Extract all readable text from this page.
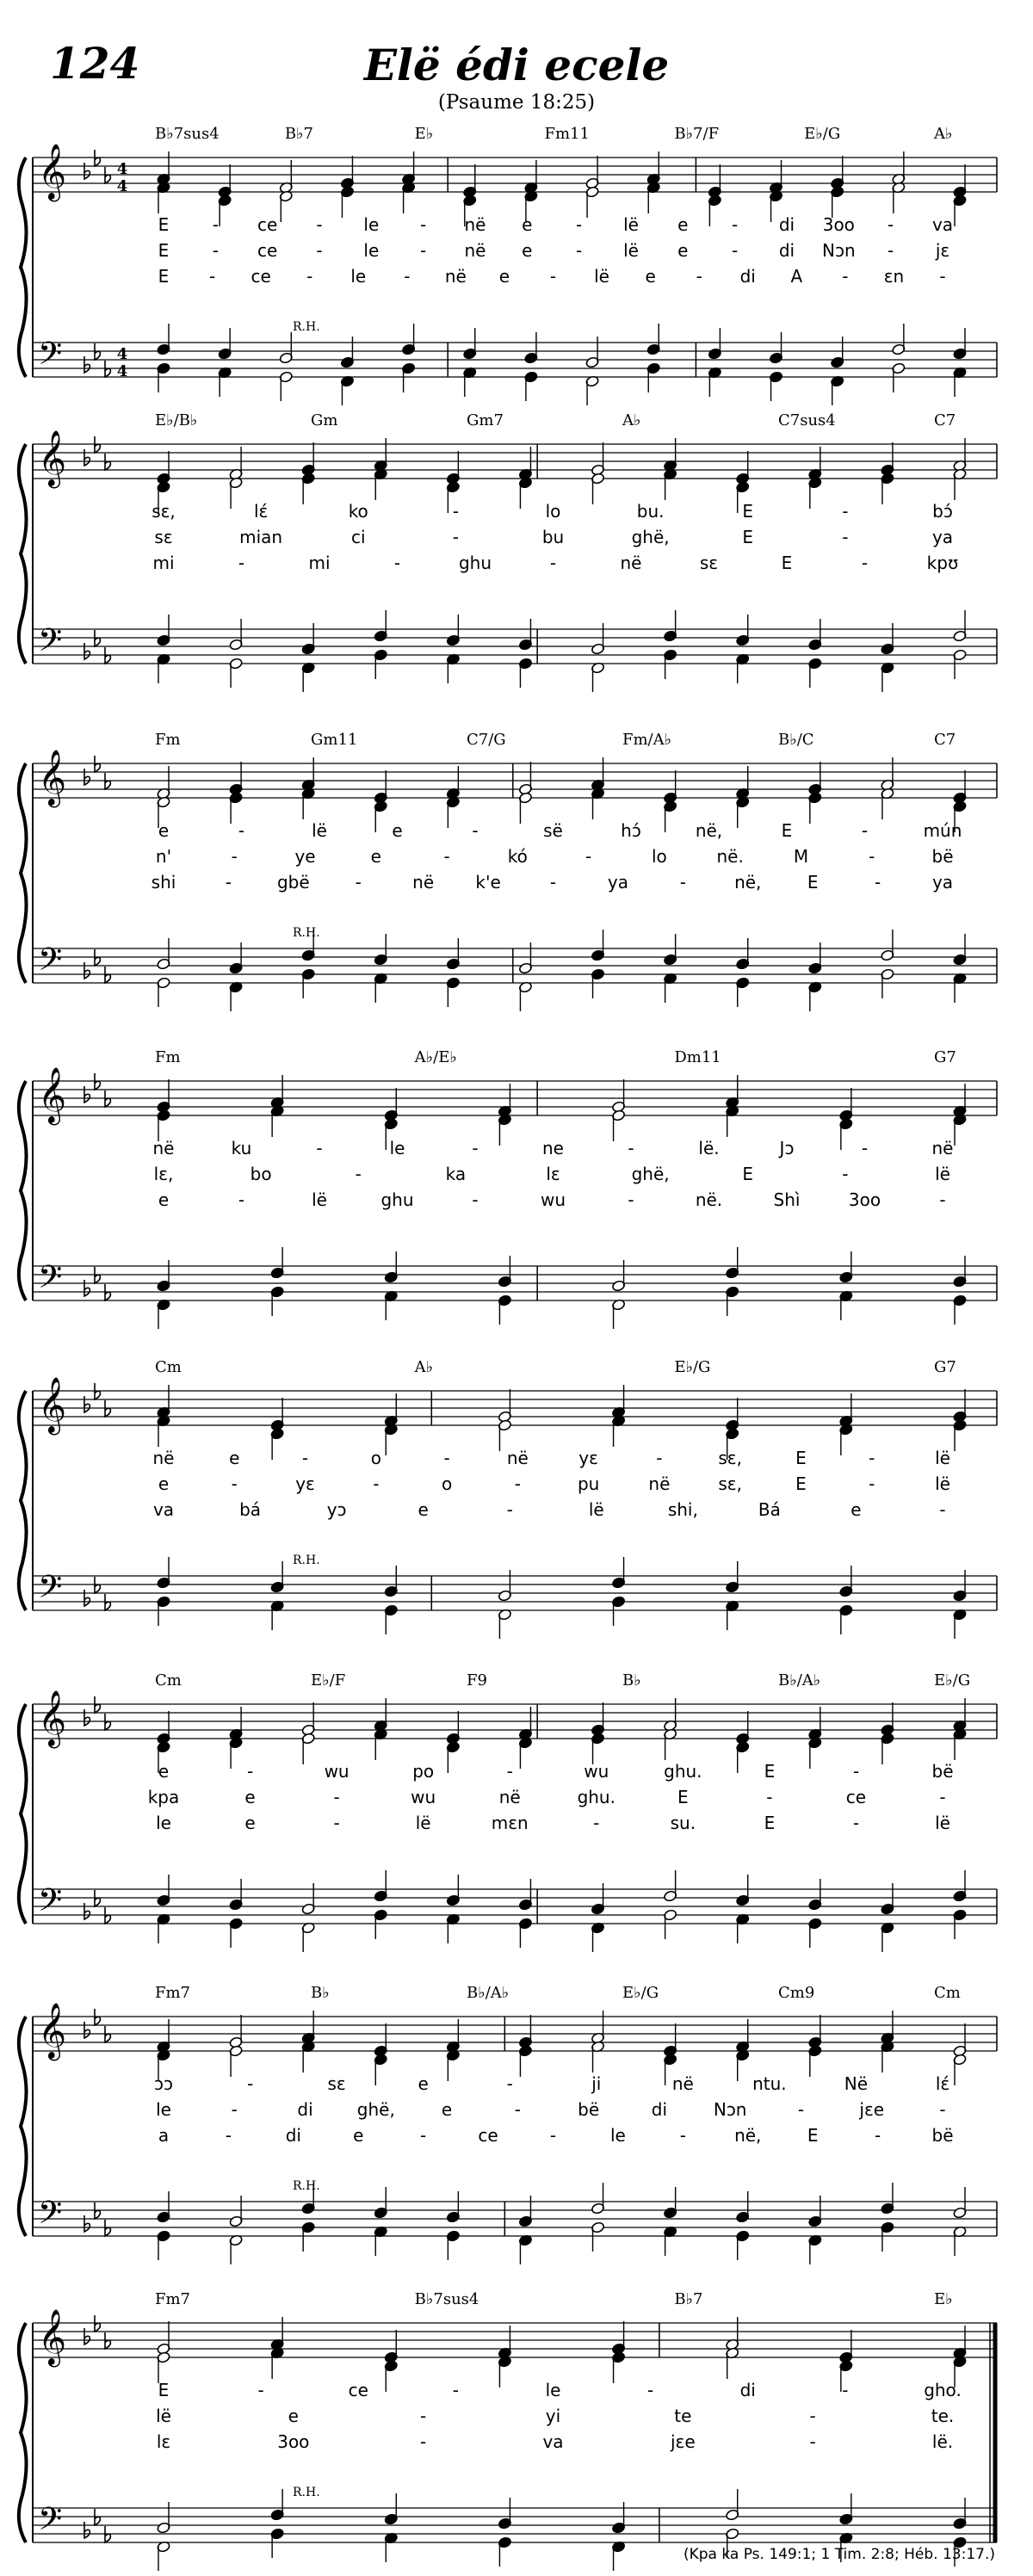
124	Elë édi ecele
(Psaume 18:25)
𝄞
𝄢
4
4
4
4
B♭7sus4	B♭7	E♭	Fm11	B♭7/F	E♭/G	A♭
R.H.
E	- ce - le - në e	- lë e	- di 3oo - va
E	- ce - le - në e	- lë e	- di Nɔn - jɛ
E - ce - le - në e - lë e - di A - ɛn -
𝄞
𝄢
E♭/B♭	Gm	Gm7	A♭	C7sus4	C7
sɛ,	lɛ́	ko	-	lo	bu.	E	-	bɔ́
sɛ	mian	ci	-	bu	ghë,	E	-	ya
mi	-	mi	-	ghu	-	në	sɛ	E	-	kpʊ
𝄞
𝄢
Fm	Gm11	C7/G	Fm/A♭	B♭/C	C7
R.H.
e	-	lë	e	-	së	hɔ́	në,	E	-	mún
n'	-	ye	e	-	kó	-	lo	në.	M	-	bë
shi	-	gbë	-	në k'e	-	ya	-	në,	E	-	ya
𝄞
𝄢
Fm	A♭/E♭	Dm11	G7
në	ku	-	le	-	ne	-	lë.	Jɔ	-	në
lɛ,	bo	-	ka	lɛ	ghë,	E	-	lë
e	-	lë	ghu	-	wu	-	në.	Shì	3oo	-
𝄞
𝄢
Cm	A♭	E♭/G	G7
R.H.
në	e	-	o	-	në	yɛ	-	sɛ,	E	-	lë
e	-	yɛ	-	o	-	pu	në	sɛ,	E	-	lë
va	bá	yɔ	e	-	lë	shi,	Bá	e	-
𝄞
𝄢
Cm	E♭/F	F9	B♭	B♭/A♭	E♭/G
e	-	wu	po	-	wu	ghu.	E	-	bë
kpa	e	-	wu	në	ghu.	E	-	ce	-
le	e	-	lë	mɛn	-	su.	E	-	lë
𝄞
𝄢
Fm7	B♭	B♭/A♭	E♭/G	Cm9	Cm
R.H.
ɔɔ	-	sɛ	e	-	ji	në	ntu.	Në	lɛ́
le	-	di	ghë,	e	-	bë	di	Nɔn	-	jɛe	-
a	-	di	e	-	ce	-	le	-	në,	E	-	bë
𝄞
𝄢
Fm7	B♭7sus4	B♭7	E♭
R.H.
E	-	ce	-	le	-	di	-	gho.
lë	e	-	yi	te	-	te.
lɛ	3oo	-	va	jɛe	-	lë.
(Kpa ka Ps. 149:1; 1 Tim. 2:8; Héb. 13:17.)
